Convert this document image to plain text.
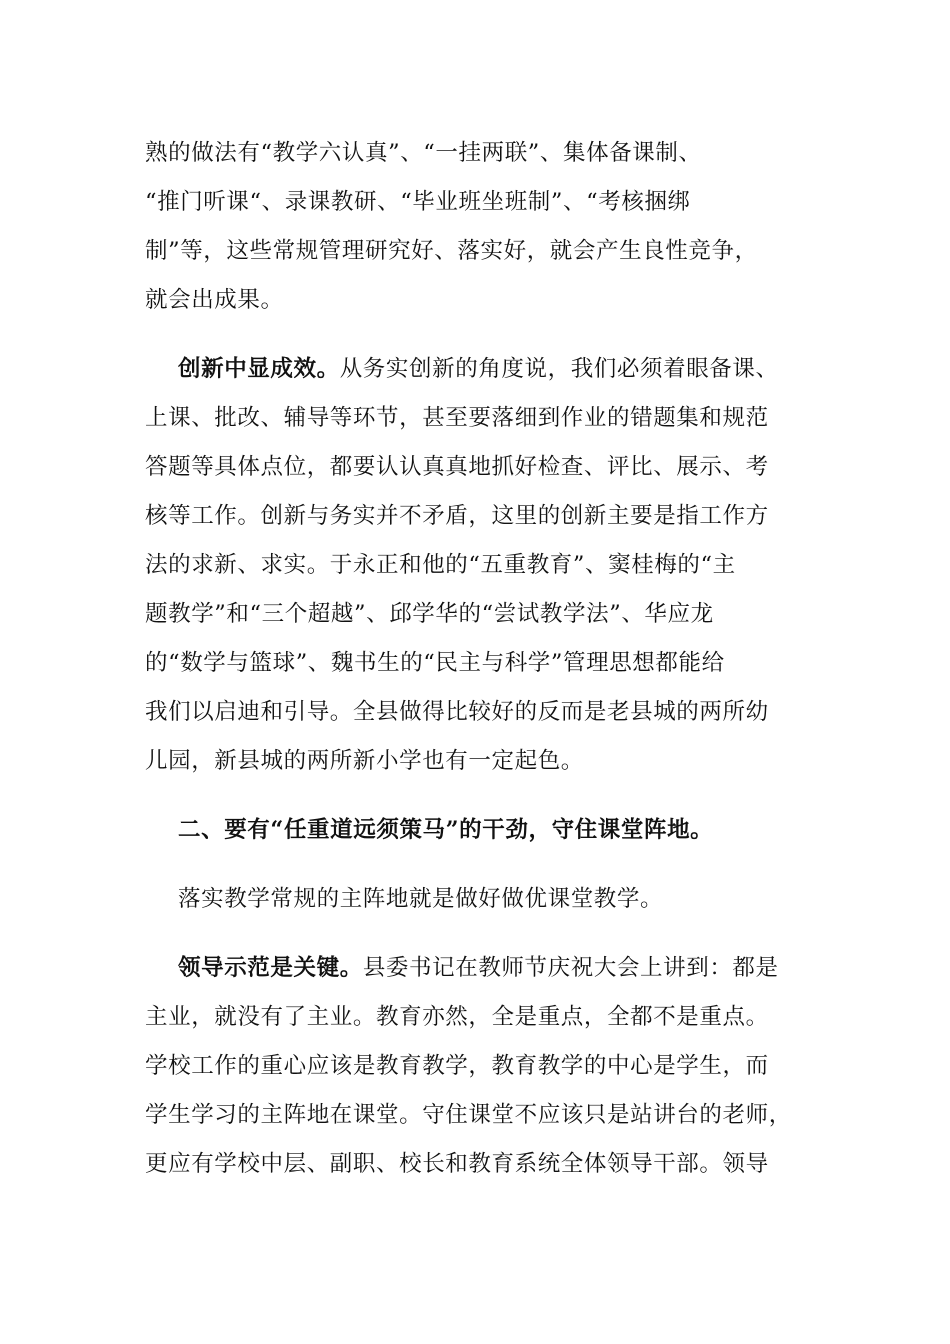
熟的做法有“教学六认真”、“一挂两联”、集体备课制、
“推门听课“、录课教研、“毕业班坐班制”、“考核捆绑
制”等，这些常规管理研究好、落实好，就会产生良性竞争，
就会出成果。
创新中显成效。从务实创新的角度说，我们必须着眼备课、
上课、批改、辅导等环节，甚至要落细到作业的错题集和规范
答题等具体点位，都要认认真真地抓好检查、评比、展示、考
核等工作。创新与务实并不矛盾，这里的创新主要是指工作方
法的求新、求实。于永正和他的“五重教育”、窦桂梅的“主
题教学”和“三个超越”、邱学华的“尝试教学法”、华应龙
的“数学与篮球”、魏书生的“民主与科学”管理思想都能给
我们以启迪和引导。全县做得比较好的反而是老县城的两所幼
儿园，新县城的两所新小学也有一定起色。
二、要有“任重道远须策马”的干劲，守住课堂阵地。
落实教学常规的主阵地就是做好做优课堂教学。
领导示范是关键。县委书记在教师节庆祝大会上讲到：都是
主业，就没有了主业。教育亦然，全是重点，全都不是重点。
学校工作的重心应该是教育教学，教育教学的中心是学生，而
学生学习的主阵地在课堂。守住课堂不应该只是站讲台的老师，
更应有学校中层、副职、校长和教育系统全体领导干部。领导
